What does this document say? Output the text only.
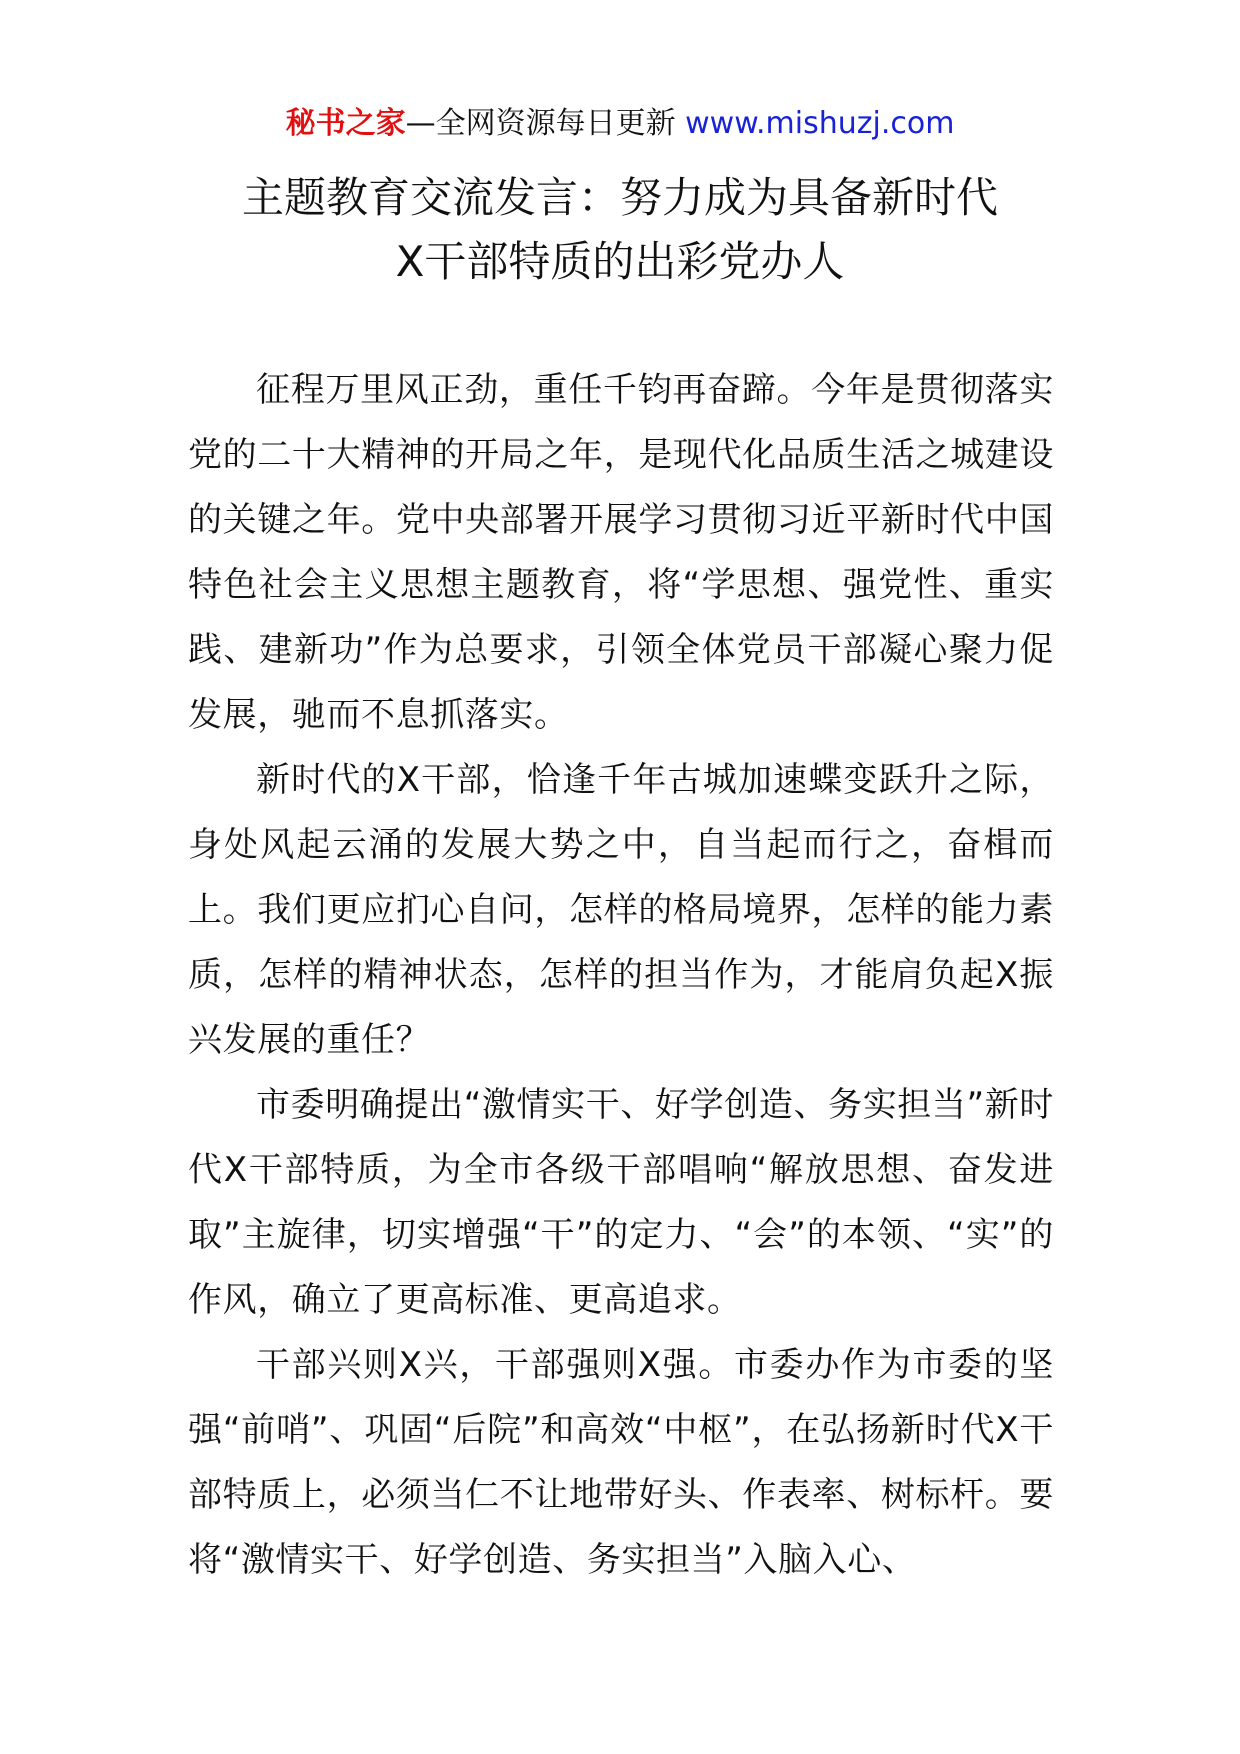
秘书之家—全网资源每日更新 www.mishuzj.com
主题教育交流发言：努力成为具备新时代
X干部特质的出彩党办人

征程万里风正劲，重任千钧再奋蹄。今年是贯彻落实党的二十大精神的开局之年，是现代化品质生活之城建设的关键之年。党中央部署开展学习贯彻习近平新时代中国特色社会主义思想主题教育，将“学思想、强党性、重实践、建新功”作为总要求，引领全体党员干部凝心聚力促发展，驰而不息抓落实。

新时代的X干部，恰逢千年古城加速蝶变跃升之际，身处风起云涌的发展大势之中，自当起而行之，奋楫而上。我们更应扪心自问，怎样的格局境界，怎样的能力素质，怎样的精神状态，怎样的担当作为，才能肩负起X振兴发展的重任？

市委明确提出“激情实干、好学创造、务实担当”新时代X干部特质，为全市各级干部唱响“解放思想、奋发进取”主旋律，切实增强“干”的定力、“会”的本领、“实”的作风，确立了更高标准、更高追求。

干部兴则X兴，干部强则X强。市委办作为市委的坚强“前哨”、巩固“后院”和高效“中枢”，在弘扬新时代X干部特质上，必须当仁不让地带好头、作表率、树标杆。要将“激情实干、好学创造、务实担当”入脑入心、
